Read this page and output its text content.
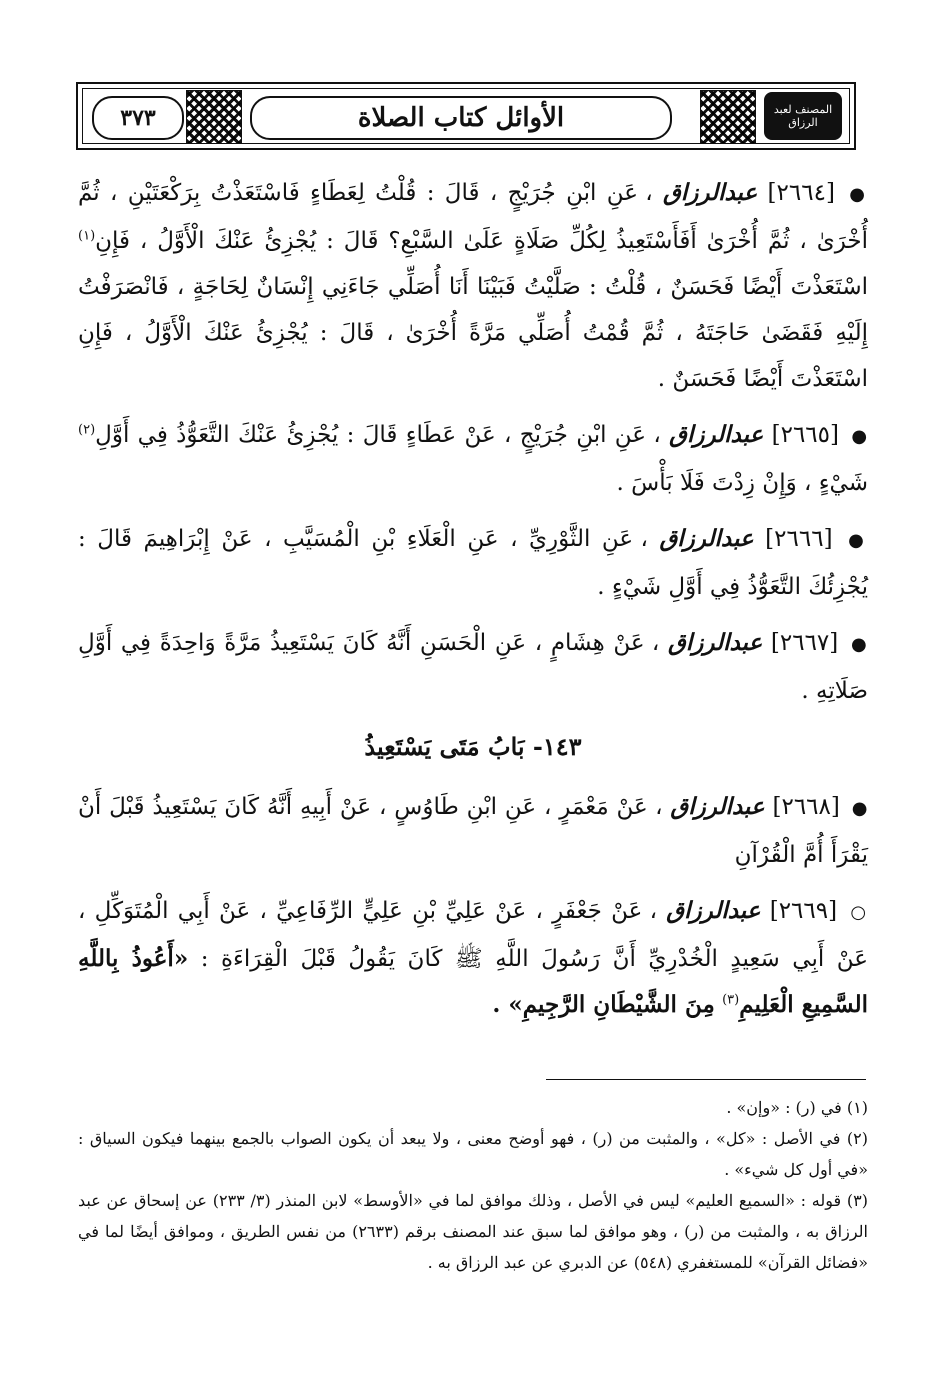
٣٧٣	الأوائل كتاب الصلاة	المصنف لعبد الرزاق

● [٢٦٦٤] عبدالرزاق ، عَنِ ابْنِ جُرَيْجٍ ، قَالَ : قُلْتُ لِعَطَاءٍ فَاسْتَعَذْتُ بِرَكْعَتَيْنِ ، ثُمَّ أُخْرَىٰ ، ثُمَّ أُخْرَىٰ أَفَأَسْتَعِيذُ لِكُلِّ صَلَاةٍ عَلَىٰ السَّبْعِ؟ قَالَ : يُجْزِئُ عَنْكَ الْأَوَّلُ ، فَإِنِ$^{(١)}$ اسْتَعَذْتَ أَيْضًا فَحَسَنٌ ، قُلْتُ : صَلَّيْتُ فَبَيْنَا أَنَا أُصَلِّي جَاءَنِي إِنْسَانٌ لِحَاجَةٍ ، فَانْصَرَفْتُ إِلَيْهِ فَقَضَىٰ حَاجَتَهُ ، ثُمَّ قُمْتُ أُصَلِّي مَرَّةً أُخْرَىٰ ، قَالَ : يُجْزِئُ عَنْكَ الْأَوَّلُ ، فَإِنِ اسْتَعَذْتَ أَيْضًا فَحَسَنٌ .

● [٢٦٦٥] عبدالرزاق ، عَنِ ابْنِ جُرَيْجٍ ، عَنْ عَطَاءٍ قَالَ : يُجْزِئُ عَنْكَ التَّعَوُّذُ فِي أَوَّلِ$^{(٢)}$ شَيْءٍ ، وَإِنْ زِدْتَ فَلَا بَأْسَ .

● [٢٦٦٦] عبدالرزاق ، عَنِ الثَّوْرِيِّ ، عَنِ الْعَلَاءِ بْنِ الْمُسَيَّبِ ، عَنْ إِبْرَاهِيمَ قَالَ : يُجْزِئُكَ التَّعَوُّذُ فِي أَوَّلِ شَيْءٍ .

● [٢٦٦٧] عبدالرزاق ، عَنْ هِشَامٍ ، عَنِ الْحَسَنِ أَنَّهُ كَانَ يَسْتَعِيذُ مَرَّةً وَاحِدَةً فِي أَوَّلِ صَلَاتِهِ .

١٤٣- بَابُ مَتَى يَسْتَعِيذُ

● [٢٦٦٨] عبدالرزاق ، عَنْ مَعْمَرٍ ، عَنِ ابْنِ طَاوُسٍ ، عَنْ أَبِيهِ أَنَّهُ كَانَ يَسْتَعِيذُ قَبْلَ أَنْ يَقْرَأَ أُمَّ الْقُرْآنِ

○ [٢٦٦٩] عبدالرزاق ، عَنْ جَعْفَرٍ ، عَنْ عَلِيِّ بْنِ عَلِيٍّ الرِّفَاعِيِّ ، عَنْ أَبِي الْمُتَوَكِّلِ ، عَنْ أَبِي سَعِيدٍ الْخُدْرِيِّ أَنَّ رَسُولَ اللَّهِ ﷺ كَانَ يَقُولُ قَبْلَ الْقِرَاءَةِ : «أَعُوذُ بِاللَّهِ السَّمِيعِ الْعَلِيمِ$^{(٣)}$ مِنَ الشَّيْطَانِ الرَّجِيمِ» .

(١) في (ر) : «وإن» .

(٢) في الأصل : «كل» ، والمثبت من (ر) ، فهو أوضح معنى ، ولا يبعد أن يكون الصواب بالجمع بينهما فيكون السياق : «في أول كل شيء» .

(٣) قوله : «السميع العليم» ليس في الأصل ، وذلك موافق لما في «الأوسط» لابن المنذر (٣/ ٢٣٣) عن إسحاق عن عبد الرزاق به ، والمثبت من (ر) ، وهو موافق لما سبق عند المصنف برقم (٢٦٣٣) من نفس الطريق ، وموافق أيضًا لما في «فضائل القرآن» للمستغفري (٥٤٨) عن الدبري عن عبد الرزاق به .
